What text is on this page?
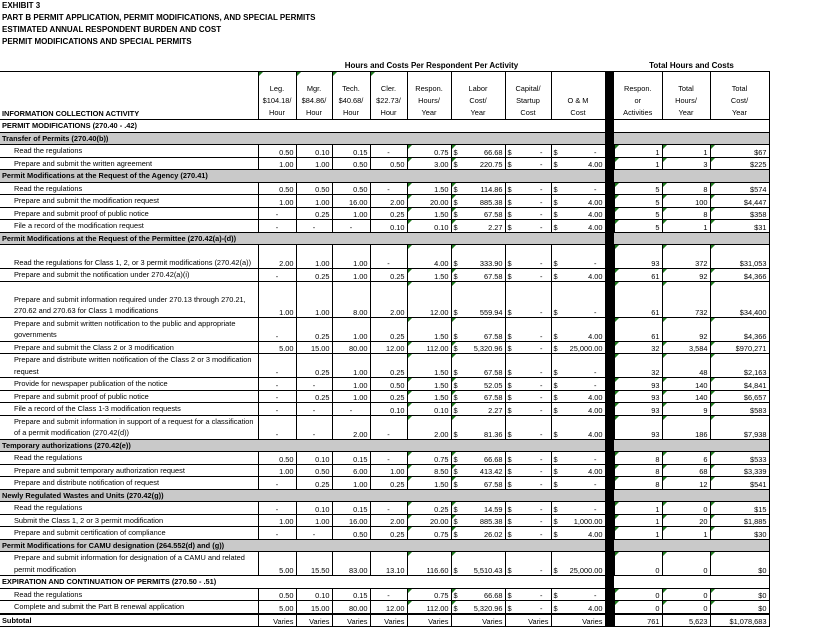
EXHIBIT 3
PART B PERMIT APPLICATION, PERMIT MODIFICATIONS, AND SPECIAL PERMITS
ESTIMATED ANNUAL RESPONDENT BURDEN AND COST
PERMIT MODIFICATIONS AND SPECIAL PERMITS
	Hours and Costs Per Respondent Per Activity									Total Hours and Costs		
INFORMATION COLLECTION ACTIVITY	Leg.
$104.18/
Hour	Mgr.
$84.86/
Hour	Tech.
$40.68/
Hour	Cler.
$22.73/
Hour	Respon.
Hours/
Year	Labor
Cost/
Year	Capital/
Startup
Cost	O & M
Cost		Respon.
or
Activities	Total
Hours/
Year	Total
Cost/
Year

PERMIT MODIFICATIONS (270.40 - .42)												
Transfer of Permits (270.40(b))												
Read the regulations	0.50	0.10	0.15	-	0.75	$ 66.68	$ -	$ -		1	1	$67
Prepare and submit the written agreement	1.00	1.00	0.50	0.50	3.00	$ 220.75	$ -	$ 4.00		1	3	$225
Permit Modifications at the Request of the Agency (270.41)												
Read the regulations	0.50	0.50	0.50	-	1.50	$ 114.86	$ -	$ -		5	8	$574
Prepare and submit the modification request	1.00	1.00	16.00	2.00	20.00	$ 885.38	$ -	$ 4.00		5	100	$4,447
Prepare and submit proof of public notice	-	0.25	1.00	0.25	1.50	$ 67.58	$ -	$ 4.00		5	8	$358
File a record of the modification request	-	-	-	0.10	0.10	$ 2.27	$ -	$ 4.00		5	1	$31
Permit Modifications at the Request of the Permittee (270.42(a)-(d))												
Read the regulations for Class 1, 2, or 3 permit modifications (270.42(a))	2.00	1.00	1.00	-	4.00	$ 333.90	$ -	$ -		93	372	$31,053
Prepare and submit the notification under 270.42(a)(i)	-	0.25	1.00	0.25	1.50	$ 67.58	$ -	$ 4.00		61	92	$4,366
Prepare and submit information required under 270.13 through 270.21, 270.62 and 270.63 for Class 1 modifications	1.00	1.00	8.00	2.00	12.00	$ 559.94	$ -	$ -		61	732	$34,400
Prepare and submit written notification to the public and appropriate governments	-	0.25	1.00	0.25	1.50	$ 67.58	$ -	$ 4.00		61	92	$4,366
Prepare and submit the Class 2 or 3 modification	5.00	15.00	80.00	12.00	112.00	$ 5,320.96	$ -	$ 25,000.00		32	3,584	$970,271
Prepare and distribute written notification of the Class 2 or 3 modification request	-	0.25	1.00	0.25	1.50	$ 67.58	$ -	$ -		32	48	$2,163
Provide for newspaper publication of the notice	-	-	1.00	0.50	1.50	$ 52.05	$ -	$ -		93	140	$4,841
Prepare and submit proof of public notice	-	0.25	1.00	0.25	1.50	$ 67.58	$ -	$ 4.00		93	140	$6,657
File a record of the Class 1-3 modification requests	-	-	-	0.10	0.10	$ 2.27	$ -	$ 4.00		93	9	$583
Prepare and submit information in support of a request for a classification of a permit modification (270.42(d))	-	-	2.00	-	2.00	$ 81.36	$ -	$ 4.00		93	186	$7,938
Temporary authorizations (270.42(e))												
Read the regulations	0.50	0.10	0.15	-	0.75	$ 66.68	$ -	$ -		8	6	$533
Prepare and submit temporary authorization request	1.00	0.50	6.00	1.00	8.50	$ 413.42	$ -	$ 4.00		8	68	$3,339
Prepare and distribute notification of request	-	0.25	1.00	0.25	1.50	$ 67.58	$ -	$ -		8	12	$541
Newly Regulated Wastes and Units (270.42(g))												
Read the regulations	-	0.10	0.15	-	0.25	$ 14.59	$ -	$ -		1	0	$15
Submit the Class 1, 2 or 3 permit modification	1.00	1.00	16.00	2.00	20.00	$ 885.38	$ -	$ 1,000.00		1	20	$1,885
Prepare and submit certification of compliance	-	-	0.50	0.25	0.75	$ 26.02	$ -	$ 4.00		1	1	$30
Permit Modifications for CAMU designation (264.552(d) and (g))												
Prepare and submit information for designation of a CAMU and related permit modification	5.00	15.50	83.00	13.10	116.60	$ 5,510.43	$ -	$ 25,000.00		0	0	$0
EXPIRATION AND CONTINUATION OF PERMITS (270.50 - .51)												
Read the regulations	0.50	0.10	0.15	-	0.75	$ 66.68	$ -	$ -		0	0	$0
Complete and submit the Part B renewal application	5.00	15.00	80.00	12.00	112.00	$ 5,320.96	$ -	$ 4.00		0	0	$0
Subtotal	Varies	Varies	Varies	Varies	Varies	Varies	Varies	Varies		761	5,623	$1,078,683
